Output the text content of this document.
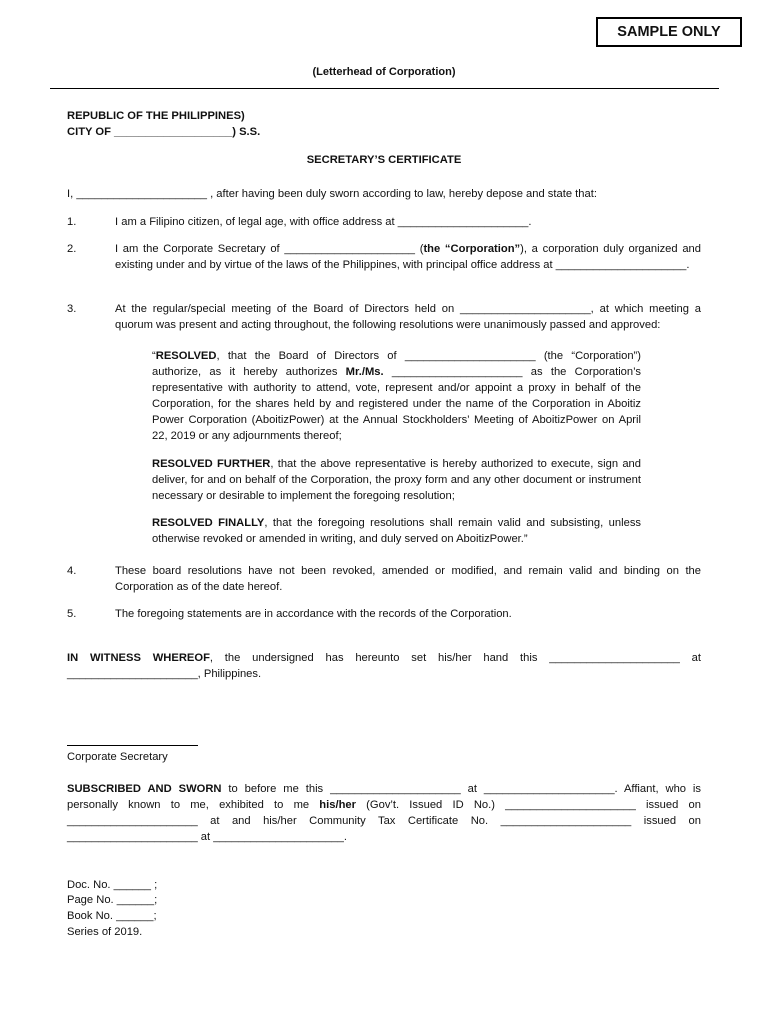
SAMPLE ONLY
(Letterhead of Corporation)
REPUBLIC OF THE PHILIPPINES)
CITY OF ___________________) S.S.
SECRETARY’S CERTIFICATE
I, _____________________ , after having been duly sworn according to law, hereby depose and state that:
1.	I am a Filipino citizen, of legal age, with office address at _____________________.
2.	I am the Corporate Secretary of _____________________ (the “Corporation”), a corporation duly organized and existing under and by virtue of the laws of the Philippines, with principal office address at _____________________.
3.	At the regular/special meeting of the Board of Directors held on _____________________, at which meeting a quorum was present and acting throughout, the following resolutions were unanimously passed and approved:
“RESOLVED, that the Board of Directors of _____________________ (the “Corporation”) authorize, as it hereby authorizes Mr./Ms. _____________________ as the Corporation’s representative with authority to attend, vote, represent and/or appoint a proxy in behalf of the Corporation, for the shares held by and registered under the name of the Corporation in Aboitiz Power Corporation (AboitizPower) at the Annual Stockholders’ Meeting of AboitizPower on April 22, 2019 or any adjournments thereof;
RESOLVED FURTHER, that the above representative is hereby authorized to execute, sign and deliver, for and on behalf of the Corporation, the proxy form and any other document or instrument necessary or desirable to implement the foregoing resolution;
RESOLVED FINALLY, that the foregoing resolutions shall remain valid and subsisting, unless otherwise revoked or amended in writing, and duly served on AboitizPower.”
4.	These board resolutions have not been revoked, amended or modified, and remain valid and binding on the Corporation as of the date hereof.
5.	The foregoing statements are in accordance with the records of the Corporation.
IN WITNESS WHEREOF, the undersigned has hereunto set his/her hand this _____________________ at _____________________, Philippines.
Corporate Secretary
SUBSCRIBED AND SWORN to before me this _____________________ at _____________________. Affiant, who is personally known to me, exhibited to me his/her (Gov’t. Issued ID No.) _____________________ issued on _____________________ at and his/her Community Tax Certificate No. _____________________ issued on _____________________ at _____________________.
Doc. No. ______ ;
Page No. ______;
Book No. ______;
Series of 2019.
